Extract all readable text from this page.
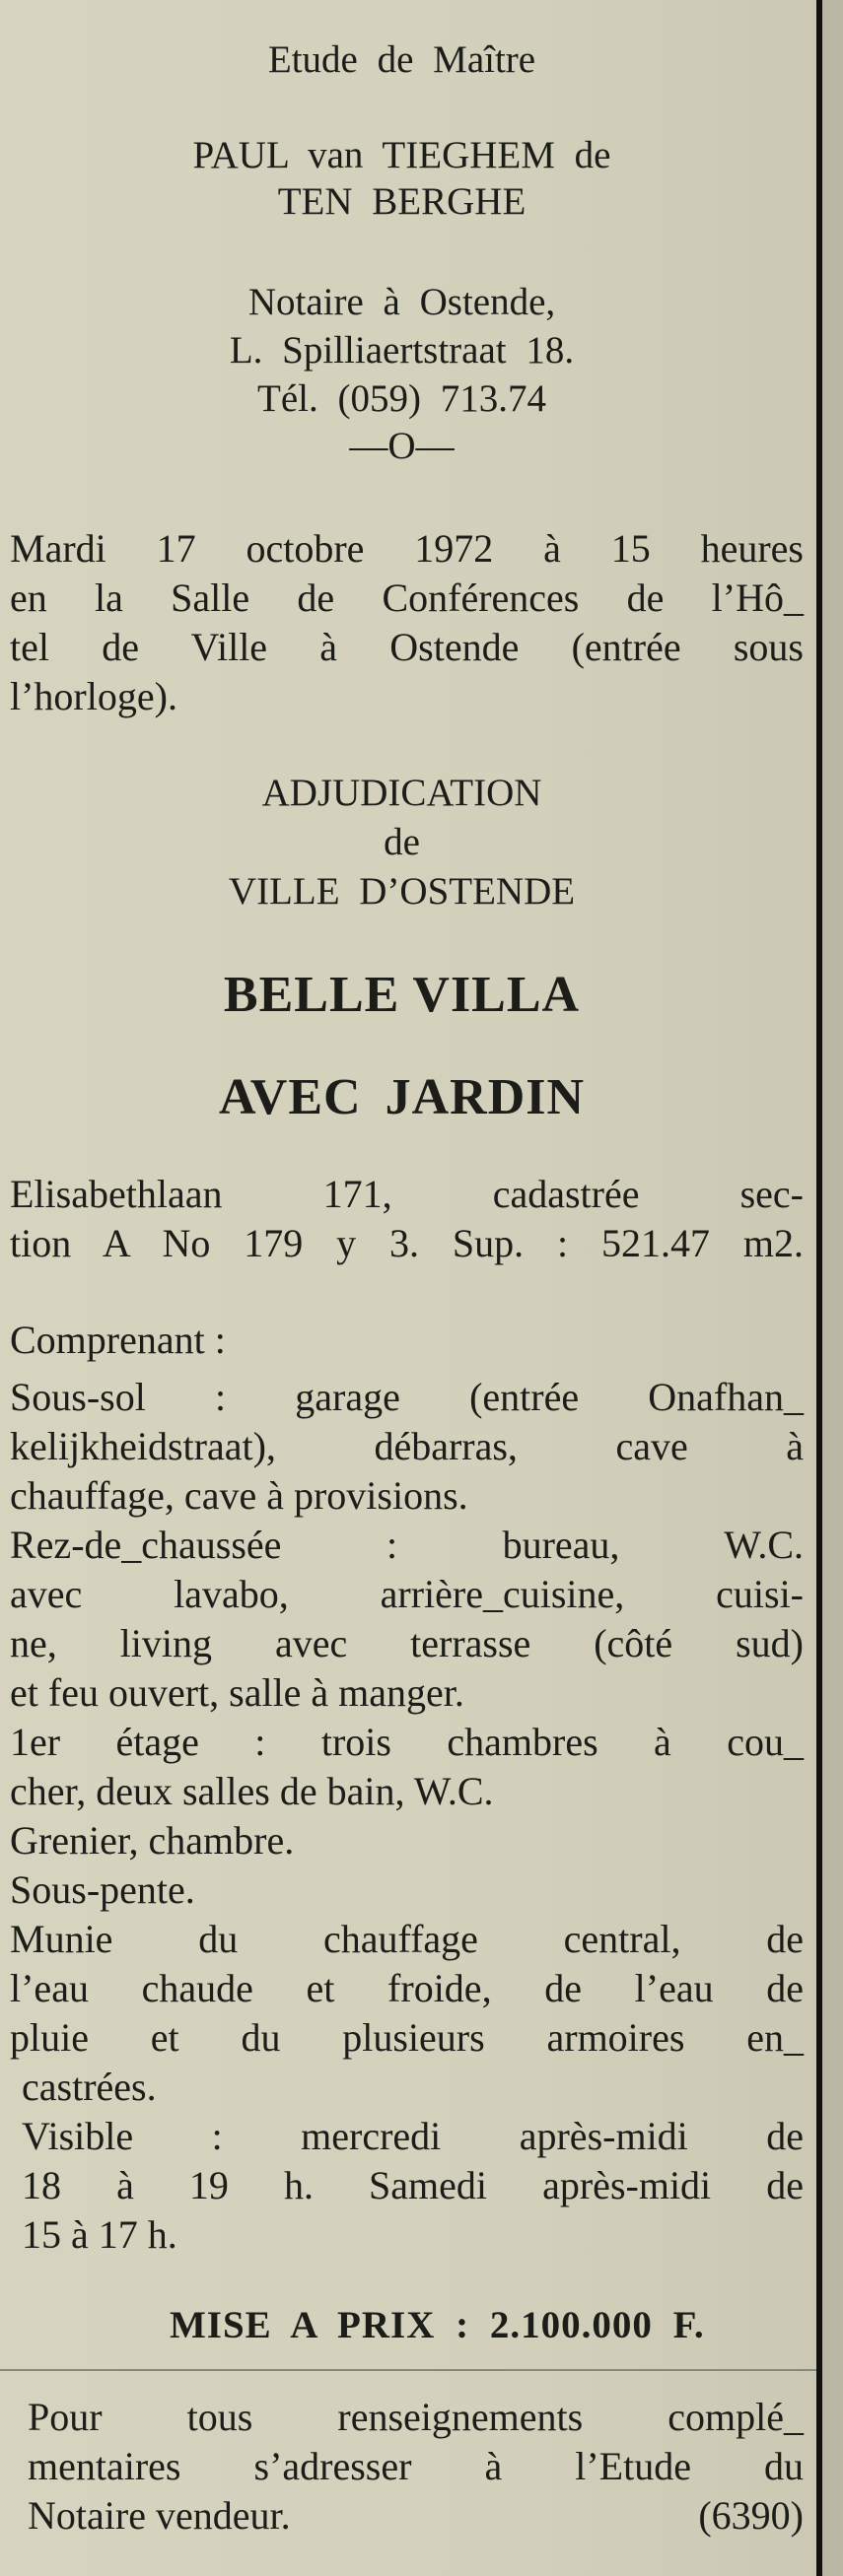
Etude de Maître
PAUL van TIEGHEM de
TEN BERGHE
Notaire à Ostende,
L. Spilliaertstraat 18.
Tél. (059) 713.74
—O—
Mardi 17 octobre 1972 à 15 heures
en la Salle de Conférences de l’Hô_
tel de Ville à Ostende (entrée sous
l’horloge).
ADJUDICATION
de
VILLE D’OSTENDE
BELLE VILLA
AVEC JARDIN
Elisabethlaan 171, cadastrée sec-
tion A No 179 y 3. Sup. : 521.47 m2.
Comprenant :
Sous-sol : garage (entrée Onafhan_
kelijkheidstraat), débarras, cave à
chauffage, cave à provisions.
Rez-de_chaussée : bureau, W.C.
avec lavabo, arrière_cuisine, cuisi-
ne, living avec terrasse (côté sud)
et feu ouvert, salle à manger.
1er étage : trois chambres à cou_
cher, deux salles de bain, W.C.
Grenier, chambre.
Sous-pente.
Munie du chauffage central, de
l’eau chaude et froide, de l’eau de
pluie et du plusieurs armoires en_
castrées.
Visible : mercredi après-midi de
18 à 19 h. Samedi après-midi de
15 à 17 h.
MISE A PRIX : 2.100.000 F.
Pour tous renseignements complé_
mentaires s’adresser à l’Etude du
Notaire vendeur.	(6390)
